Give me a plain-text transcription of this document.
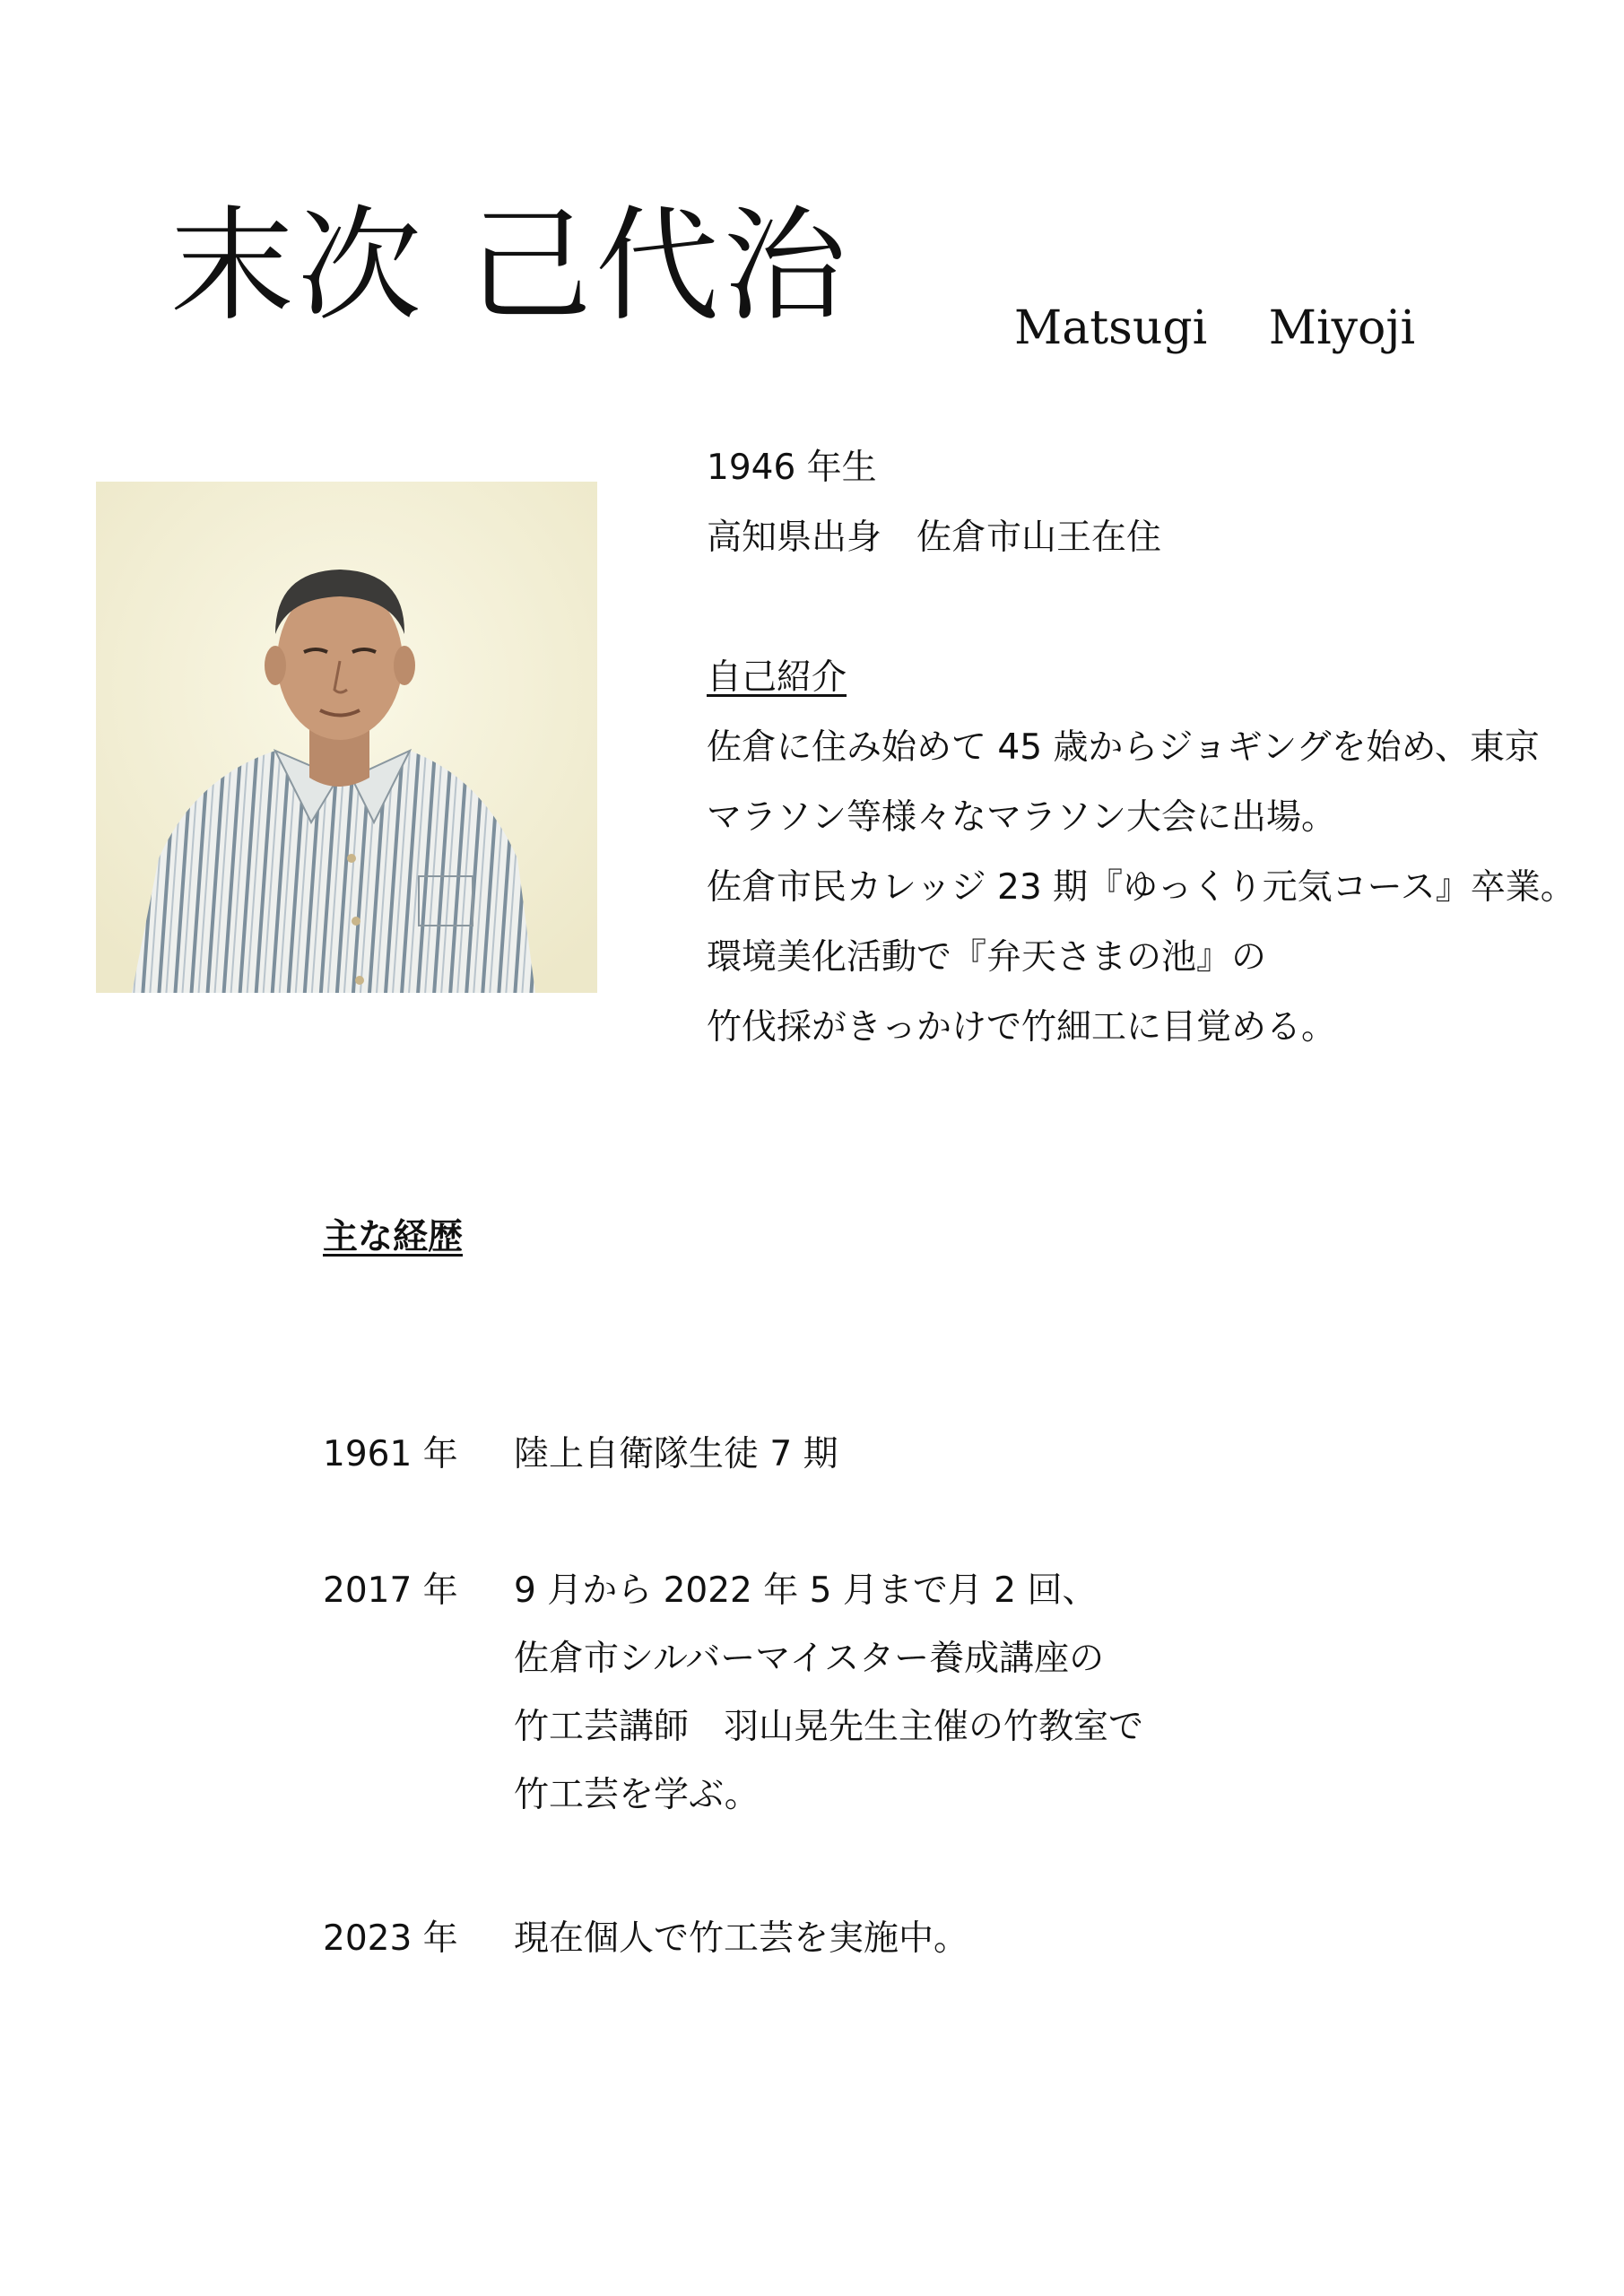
末次 己代治	Matsugi　 Miyoji
1946 年生
高知県出身　佐倉市山王在住
自己紹介
佐倉に住み始めて 45 歳からジョギングを始め、東京
マラソン等様々なマラソン大会に出場。
佐倉市民カレッジ 23 期『ゆっくり元気コース』卒業。
環境美化活動で『弁天さまの池』の
竹伐採がきっかけで竹細工に目覚める。
主な経歴
1961 年 陸上自衛隊生徒 7 期
2017 年 9 月から 2022 年 5 月まで月 2 回、
佐倉市シルバーマイスター養成講座の
竹工芸講師　羽山晃先生主催の竹教室で
竹工芸を学ぶ。
2023 年 現在個人で竹工芸を実施中。
